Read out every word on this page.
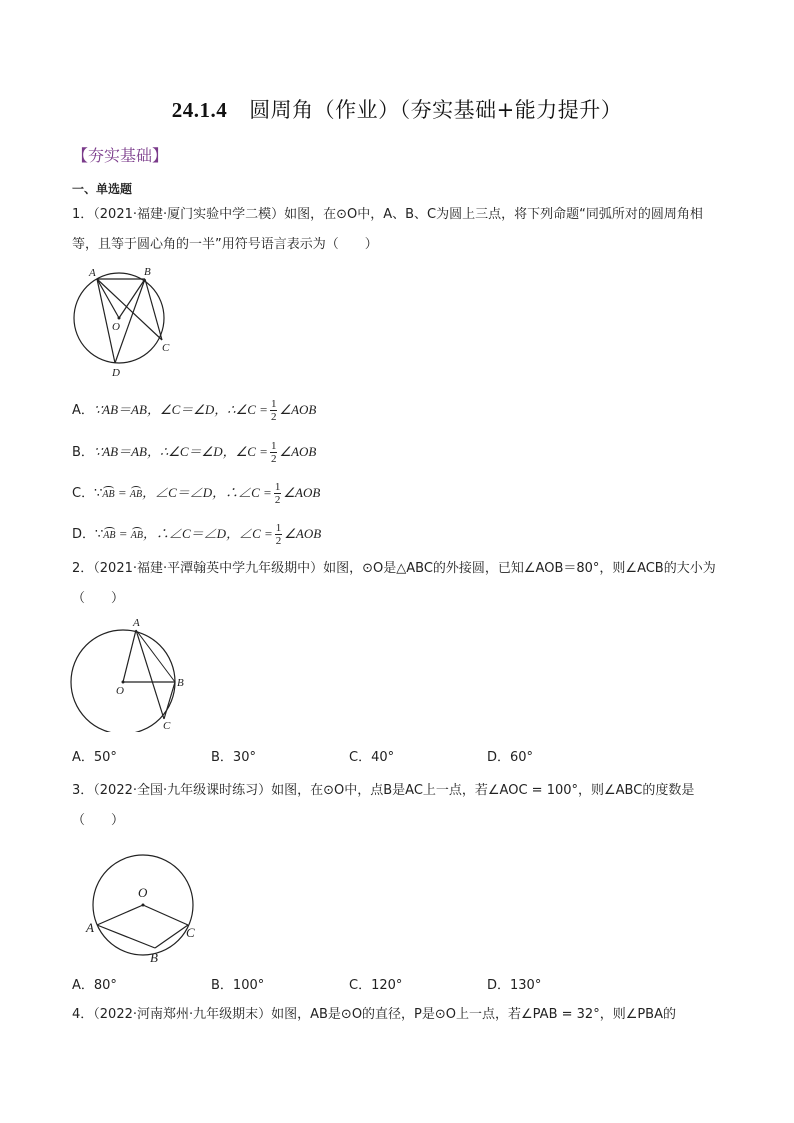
24.1.4 圆周角（作业）（夯实基础+能力提升）
【夯实基础】
一、单选题
1．（2021·福建·厦门实验中学二模）如图，在⊙O中，A、B、C为圆上三点，将下列命题“同弧所对的圆周角相等，且等于圆心角的一半”用符号语言表示为（　　）
A	B
O
C
D
A．∵AB＝AB，∠C＝∠D，∴∠C = $\frac{1}{2}$ ∠AOB
B．∵AB＝AB，∴∠C＝∠D，∠C = $\frac{1}{2}$ ∠AOB
C．∵AB = AB，∠C＝∠D，∴∠C = $\frac{1}{2}$ ∠AOB
D．∵AB = AB，∴∠C＝∠D，∠C = $\frac{1}{2}$ ∠AOB
2．（2021·福建·平潭翰英中学九年级期中）如图，⊙O是△ABC的外接圆，已知∠AOB＝80°，则∠ACB的大小为（　　）
A
O
B
C
A．50°	B．30°	C．40°	D．60°
3．（2022·全国·九年级课时练习）如图，在⊙O中，点B是AC上一点，若∠AOC = 100°，则∠ABC的度数是（　　）
O
A	C
B
A．80°	B．100°	C．120°	D．130°
4．（2022·河南郑州·九年级期末）如图，AB是⊙O的直径，P是⊙O上一点，若∠PAB = 32°，则∠PBA的
